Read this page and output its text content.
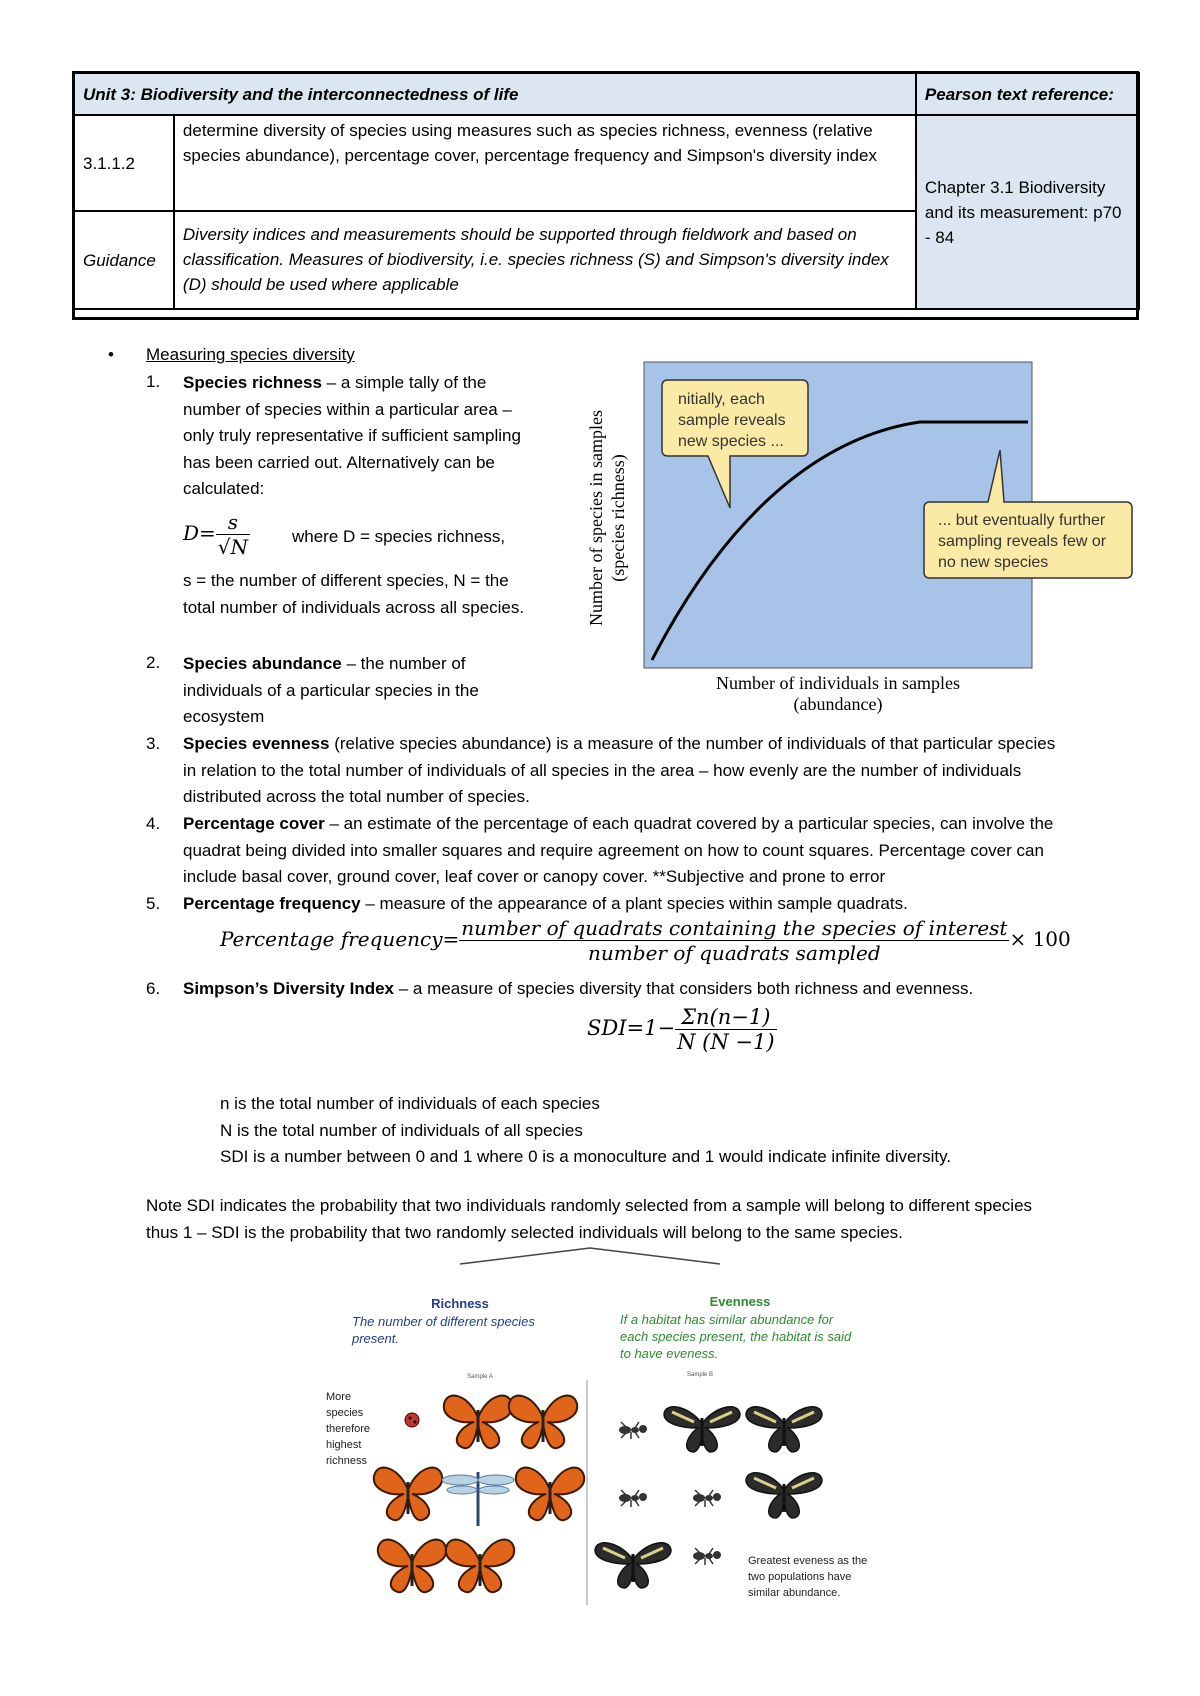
Unit 3: Biodiversity and the interconnectedness of life		Pearson text reference:
3.1.1.2	determine diversity of species using measures such as species richness, evenness (relative species abundance), percentage cover, percentage frequency and Simpson's diversity index	Chapter 3.1 Biodiversity and its measurement: p70 - 84
Guidance	Diversity indices and measurements should be supported through fieldwork and based on classification. Measures of biodiversity, i.e. species richness (S) and Simpson's diversity index (D) should be used where applicable	
• Measuring species diversity
1.	Species richness – a simple tally of the
number of species within a particular area –
only truly representative if sufficient sampling
has been carried out. Alternatively can be
calculated:
$D= \frac{s}{√N}$ where D = species richness,
s = the number of different species, N = the
total number of individuals across all species.
2.	Species abundance – the number of
individuals of a particular species in the
ecosystem
3.	Species evenness (relative species abundance) is a measure of the number of individuals of that particular species
in relation to the total number of individuals of all species in the area – how evenly are the number of individuals
distributed across the total number of species.
4.	Percentage cover – an estimate of the percentage of each quadrat covered by a particular species, can involve the
quadrat being divided into smaller squares and require agreement on how to count squares. Percentage cover can
include basal cover, ground cover, leaf cover or canopy cover. **Subjective and prone to error
5.	Percentage frequency – measure of the appearance of a plant species within sample quadrats.
Percentage frequency= $\frac{\text{number of quadrats containing the species of interest}}{\text{number of quadrats sampled}} \times 100$
6.	Simpson’s Diversity Index – a measure of species diversity that considers both richness and evenness.
$SDI=1- \frac{\Sigma n(n-1)}{N (N -1)}$
n is the total number of individuals of each species
N is the total number of individuals of all species
SDI is a number between 0 and 1 where 0 is a monoculture and 1 would indicate infinite diversity.
Note SDI indicates the probability that two individuals randomly selected from a sample will belong to different species
thus 1 – SDI is the probability that two randomly selected individuals will belong to the same species.
nitially, each
sample reveals
new species ...
... but eventually further
sampling reveals few or
no new species
Number of species in samples (species richness)
Number of individuals in samples
(abundance)
Richness
The number of different species
present.
Evenness
If a habitat has similar abundance for
each species present, the habitat is said
to have eveness.
Sample A	Sample B
More
species
therefore
highest
richness
Greatest eveness as the
two populations have
similar abundance.
